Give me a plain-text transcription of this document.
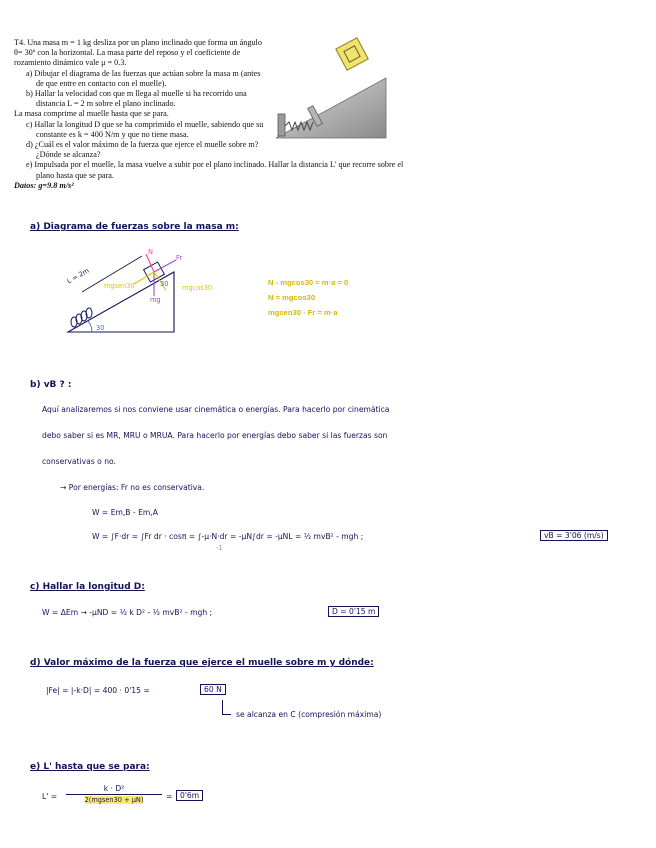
T4. Una masa m = 1 kg desliza por un plano inclinado que forma un ángulo θ= 30º con la horizontal. La masa parte del reposo y el coeficiente de rozamiento dinámico vale μ = 0.3.

a) Dibujar el diagrama de las fuerzas que actúan sobre la masa m (antes de que entre en contacto con el muelle).

b) Hallar la velocidad con que m llega al muelle si ha recorrido una distancia L = 2 m sobre el plano inclinado.

La masa comprime al muelle hasta que se para.

c) Hallar la longitud D que se ha comprimido el muelle, sabiendo que su constante es k = 400 N/m y que no tiene masa.

d) ¿Cuál es el valor máximo de la fuerza que ejerce el muelle sobre m? ¿Dónde se alcanza?

e) Impulsada por el muelle, la masa vuelve a subir por el plano inclinado. Hallar la distancia L' que recorre sobre el plano hasta que se para.

Datos: g=9.8 m/s²

a) Diagrama de fuerzas sobre la masa m:
L = 2m
N
Fr
mgsen30	mgcos30
mg
30
30
N - mgcos30 = m·a = 0
N = mgcos30
mgsen30 - Fr = m·a
b) vB ? :
Aquí analizaremos si nos conviene usar cinemática o energías. Para hacerlo por cinemática
debo saber si es MR, MRU o MRUA. Para hacerlo por energías debo saber si las fuerzas son
conservativas o no.
→ Por energías: Fr no es conservativa.
W = Em,B - Em,A
W = ∫F·dr = ∫Fr dr · cosπ = ∫-μ·N·dr = -μN∫dr = -μNL = ½ mvB² - mgh ;
-1
vB = 3'06 (m/s)
c) Hallar la longitud D:
W = ΔEm → -μND = ½ k D² - ½ mvB² - mgh ;	D = 0'15 m
d) Valor máximo de la fuerza que ejerce el muelle sobre m y dónde:
|Fe| = |-k·D| = 400 · 0'15 =	60 N
se alcanza en C (compresión máxima)
e) L' hasta que se para:
L' =
k · D²
2(mgsen30 + μN)	=	0'6m
